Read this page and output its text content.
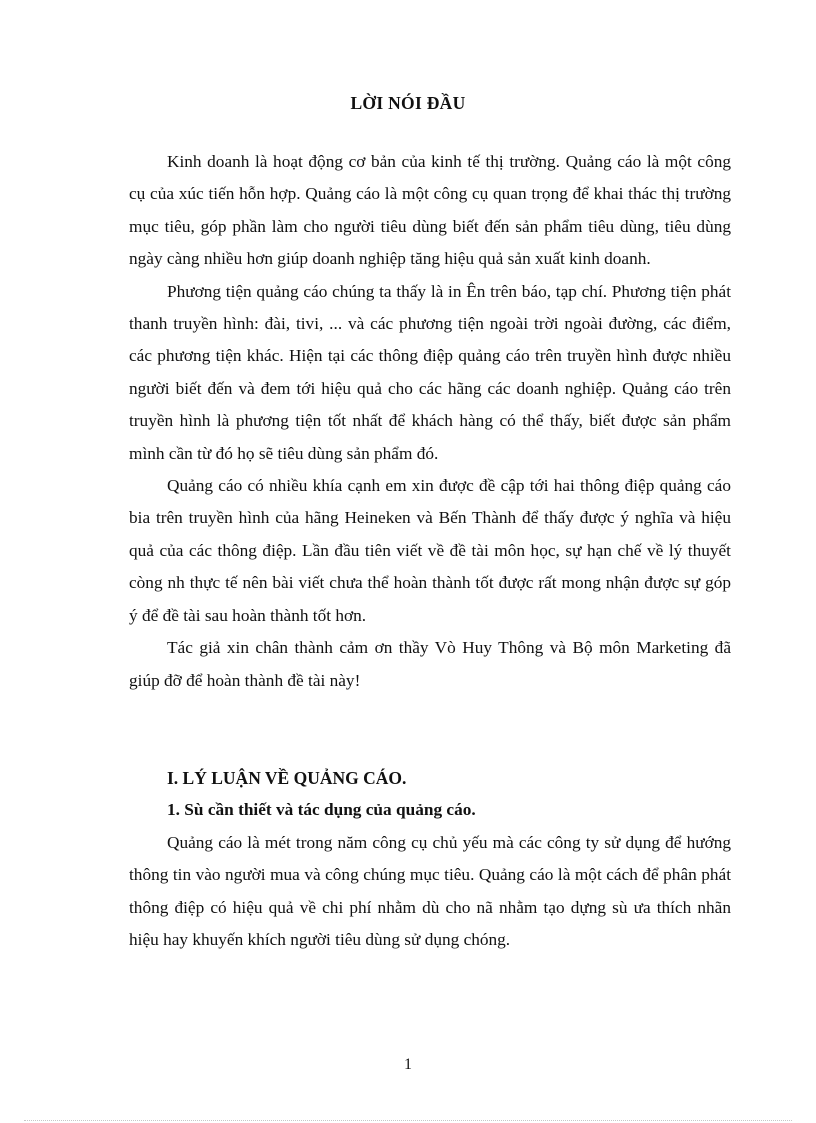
LỜI NÓI ĐẦU

Kinh doanh là hoạt động cơ bản của kinh tế thị trường. Quảng cáo là một công cụ của xúc tiến hỗn hợp. Quảng cáo là một công cụ quan trọng để khai thác thị trường mục tiêu, góp phần làm cho người tiêu dùng biết đến sản phẩm tiêu dùng, tiêu dùng ngày càng nhiều hơn giúp doanh nghiệp tăng hiệu quả sản xuất kinh doanh.

Phương tiện quảng cáo chúng ta thấy là in Ên trên báo, tạp chí. Phương tiện phát thanh truyền hình: đài, tivi, ... và các phương tiện ngoài trời ngoài đường, các điểm, các phương tiện khác. Hiện tại các thông điệp quảng cáo trên truyền hình được nhiều người biết đến và đem tới hiệu quả cho các hãng các doanh nghiệp. Quảng cáo trên truyền hình là phương tiện tốt nhất để khách hàng có thể thấy, biết được sản phẩm mình cần từ đó họ sẽ tiêu dùng sản phẩm đó.

Quảng cáo có nhiều khía cạnh em xin được đề cập tới hai thông điệp quảng cáo bia trên truyền hình của hãng Heineken và Bến Thành để thấy được ý nghĩa và hiệu quả của các thông điệp. Lần đầu tiên viết về đề tài môn học, sự hạn chế về lý thuyết còng nh thực tế nên bài viết chưa thể hoàn thành tốt được rất mong nhận được sự góp ý để đề tài sau hoàn thành tốt hơn.

Tác giả xin chân thành cảm ơn thầy Vò Huy Thông và Bộ môn Marketing đã giúp đỡ để hoàn thành đề tài này!

I. LÝ LUẬN VỀ QUẢNG CÁO.
1. Sù cần thiết và tác dụng của quảng cáo.

Quảng cáo là mét trong năm công cụ chủ yếu mà các công ty sử dụng để hướng thông tin vào người mua và công chúng mục tiêu. Quảng cáo là một cách để phân phát thông điệp có hiệu quả về chi phí nhằm dù cho nã nhằm tạo dựng sù ưa thích nhãn hiệu hay khuyến khích người tiêu dùng sử dụng chóng.

1
